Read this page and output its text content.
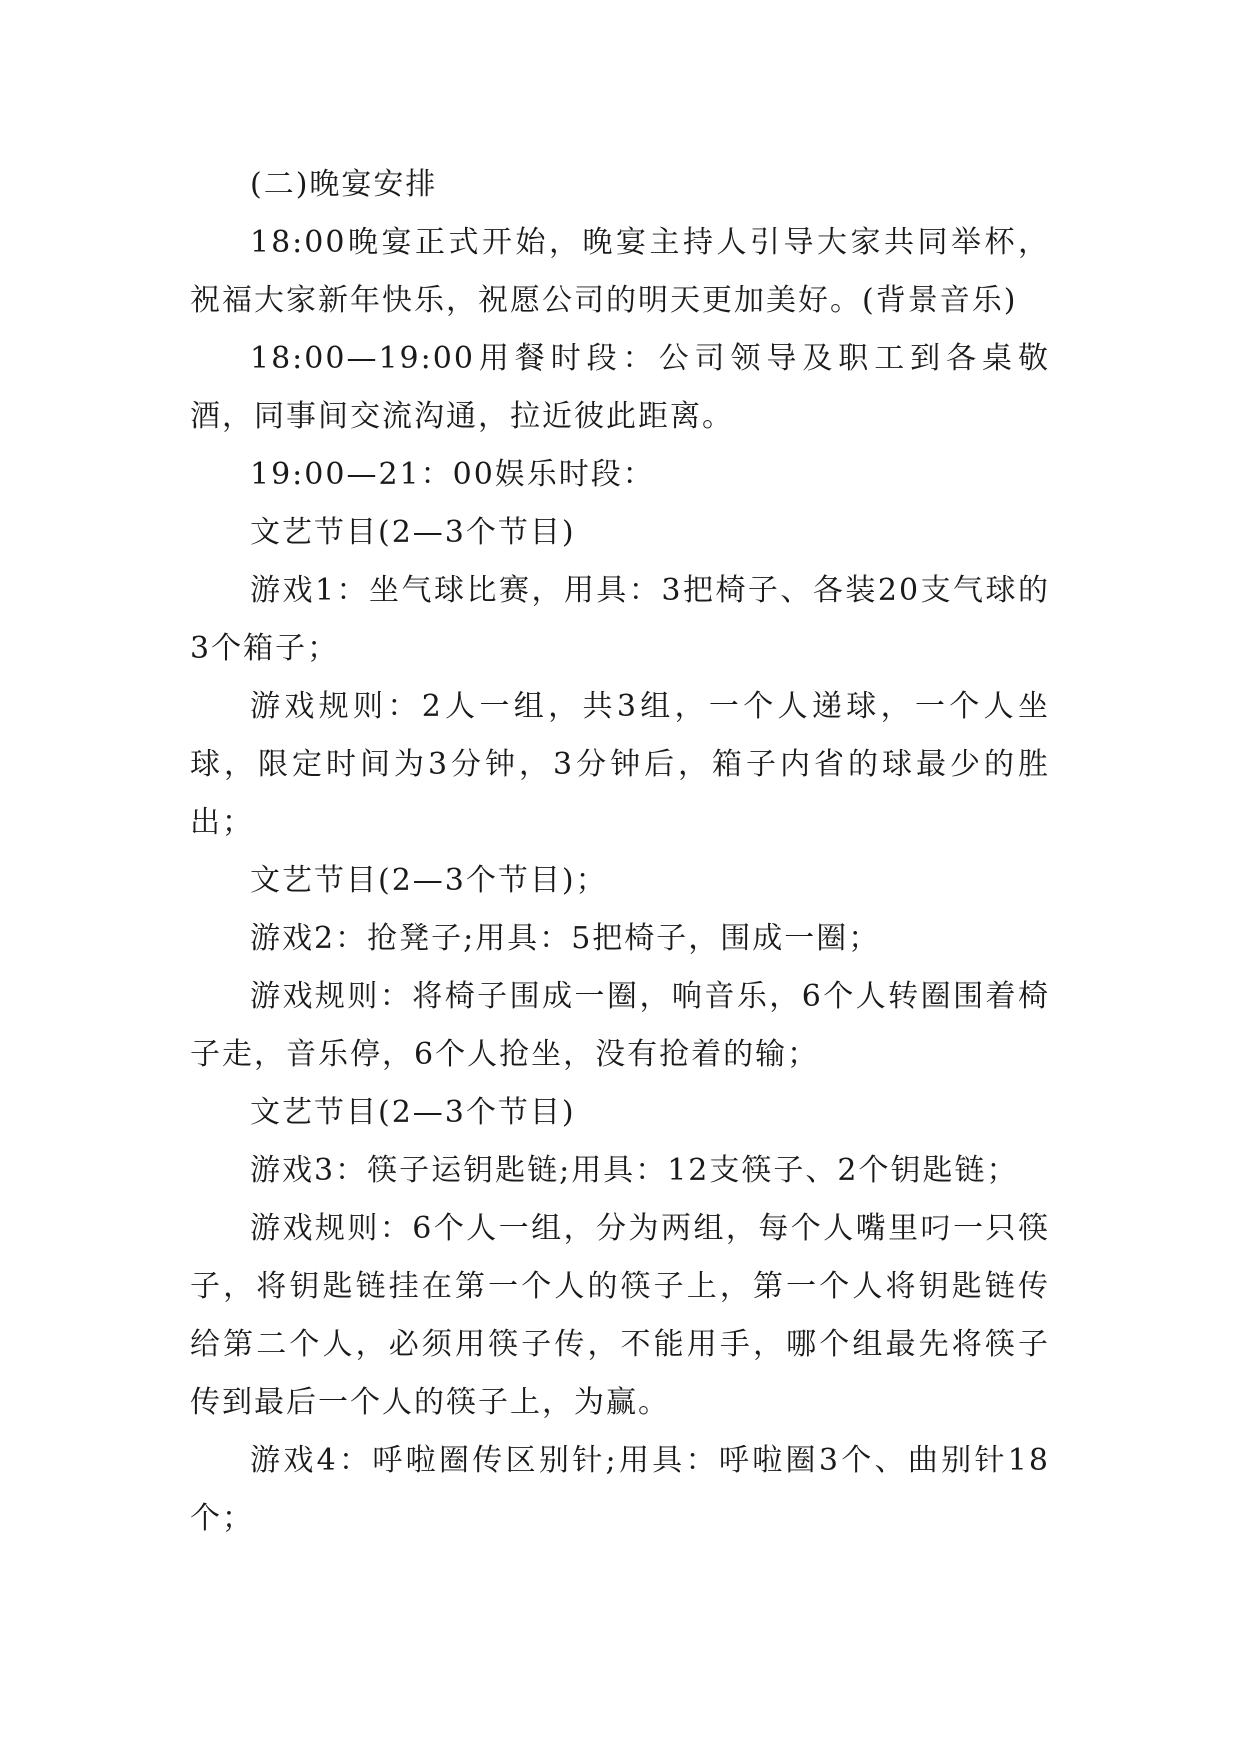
(二)晚宴安排

18:00晚宴正式开始，晚宴主持人引导大家共同举杯，祝福大家新年快乐，祝愿公司的明天更加美好。(背景音乐)

18:00—19:00用餐时段：公司领导及职工到各桌敬酒，同事间交流沟通，拉近彼此距离。

19:00—21：00娱乐时段：

文艺节目(2—3个节目)

游戏1：坐气球比赛，用具：3把椅子、各装20支气球的3个箱子；

游戏规则：2人一组，共3组，一个人递球，一个人坐球，限定时间为3分钟，3分钟后，箱子内省的球最少的胜出；

文艺节目(2—3个节目)；

游戏2：抢凳子;用具：5把椅子，围成一圈；

游戏规则：将椅子围成一圈，响音乐，6个人转圈围着椅子走，音乐停，6个人抢坐，没有抢着的输；

文艺节目(2—3个节目)

游戏3：筷子运钥匙链;用具：12支筷子、2个钥匙链；

游戏规则：6个人一组，分为两组，每个人嘴里叼一只筷子，将钥匙链挂在第一个人的筷子上，第一个人将钥匙链传给第二个人，必须用筷子传，不能用手，哪个组最先将筷子传到最后一个人的筷子上，为赢。

游戏4：呼啦圈传区别针;用具：呼啦圈3个、曲别针18个；
